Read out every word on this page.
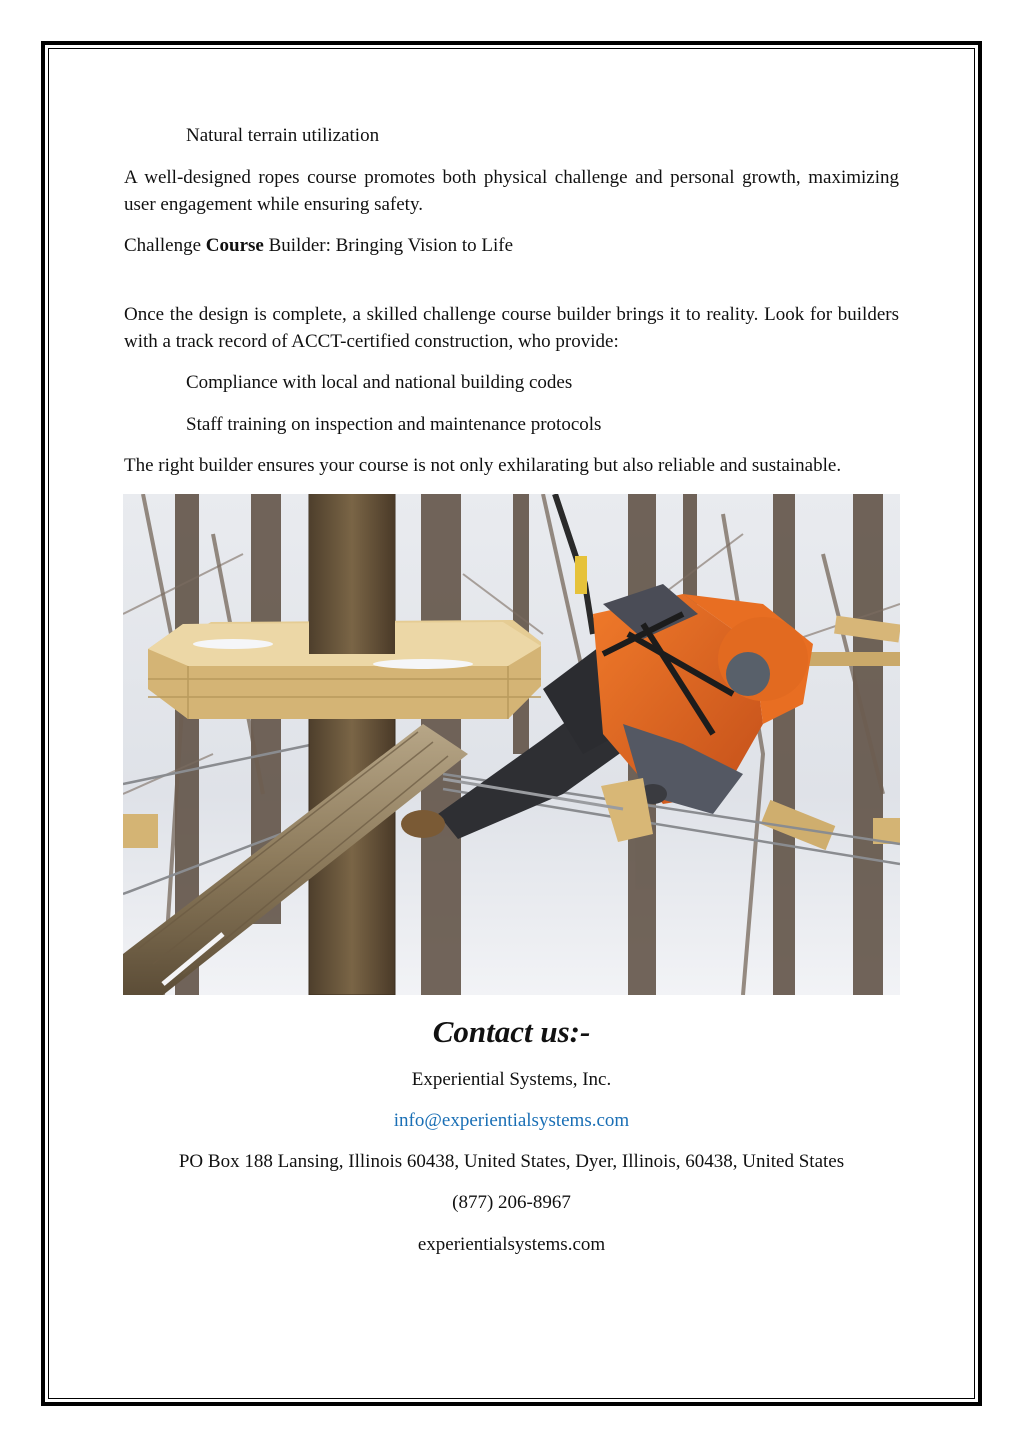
Natural terrain utilization

A well-designed ropes course promotes both physical challenge and personal growth, maximizing user engagement while ensuring safety.

Challenge Course Builder: Bringing Vision to Life

Once the design is complete, a skilled challenge course builder brings it to reality. Look for builders with a track record of ACCT-certified construction, who provide:

Compliance with local and national building codes

Staff training on inspection and maintenance protocols

The right builder ensures your course is not only exhilarating but also reliable and sustainable.

Contact us:-

Experiential Systems, Inc.

info@experientialsystems.com

PO Box 188 Lansing, Illinois 60438, United States, Dyer, Illinois, 60438, United States

(877) 206-8967

experientialsystems.com
